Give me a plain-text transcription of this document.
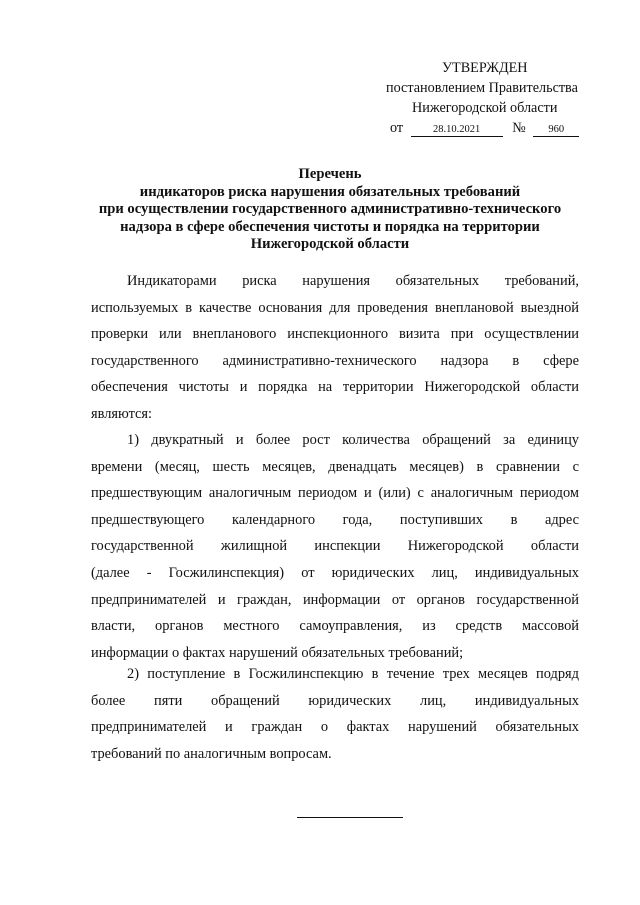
УТВЕРЖДЕН
постановлением Правительства
Нижегородской области
от	28.10.2021 № 960
Перечень
индикаторов риска нарушения обязательных требований
при осуществлении государственного административно-технического
надзора в сфере обеспечения чистоты и порядка на территории
Нижегородской области
Индикаторами риска нарушения обязательных требований,
используемых в качестве основания для проведения внеплановой выездной
проверки или внепланового инспекционного визита при осуществлении
государственного административно-технического надзора в сфере
обеспечения чистоты и порядка на территории Нижегородской области
являются:
1) двукратный и более рост количества обращений за единицу
времени (месяц, шесть месяцев, двенадцать месяцев) в сравнении с
предшествующим аналогичным периодом и (или) с аналогичным периодом
предшествующего календарного года, поступивших в адрес
государственной жилищной инспекции Нижегородской области
(далее - Госжилинспекция) от юридических лиц, индивидуальных
предпринимателей и граждан, информации от органов государственной
власти, органов местного самоуправления, из средств массовой
информации о фактах нарушений обязательных требований;
2) поступление в Госжилинспекцию в течение трех месяцев подряд
более пяти обращений юридических лиц, индивидуальных
предпринимателей и граждан о фактах нарушений обязательных
требований по аналогичным вопросам.
